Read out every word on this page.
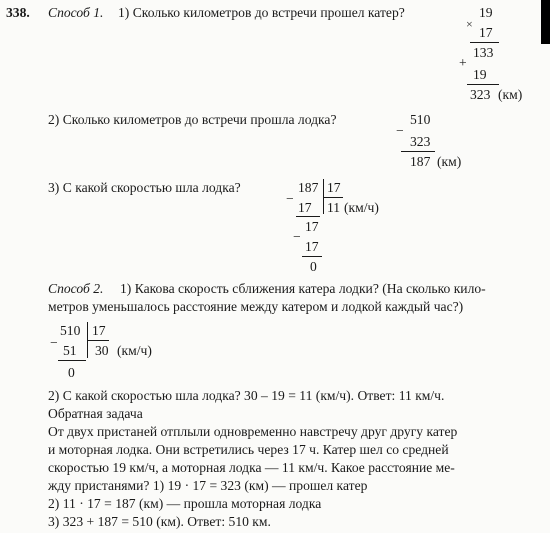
338. Способ 1. 1) Сколько километров до встречи прошел катер?	19
×
17
133
+
19
323 (км)
2) Сколько километров до встречи прошла лодка?	510
−
323
187 (км)
3) С какой скоростью шла лодка?	187 17
−
17 11 (км/ч)
17
−
17
0
Способ 2. 1) Какова скорость сближения катера лодки? (На сколько кило-
метров уменьшалось расстояние между катером и лодкой каждый час?)
510 17
−
51 30 (км/ч)
0
2) С какой скоростью шла лодка? 30 – 19 = 11 (км/ч). Ответ: 11 км/ч.
Обратная задача
От двух пристаней отплыли одновременно навстречу друг другу катер
и моторная лодка. Они встретились через 17 ч. Катер шел со средней
скоростью 19 км/ч, а моторная лодка — 11 км/ч. Какое расстояние ме-
жду пристанями? 1) 19 · 17 = 323 (км) — прошел катер
2) 11 · 17 = 187 (км) — прошла моторная лодка
3) 323 + 187 = 510 (км). Ответ: 510 км.
